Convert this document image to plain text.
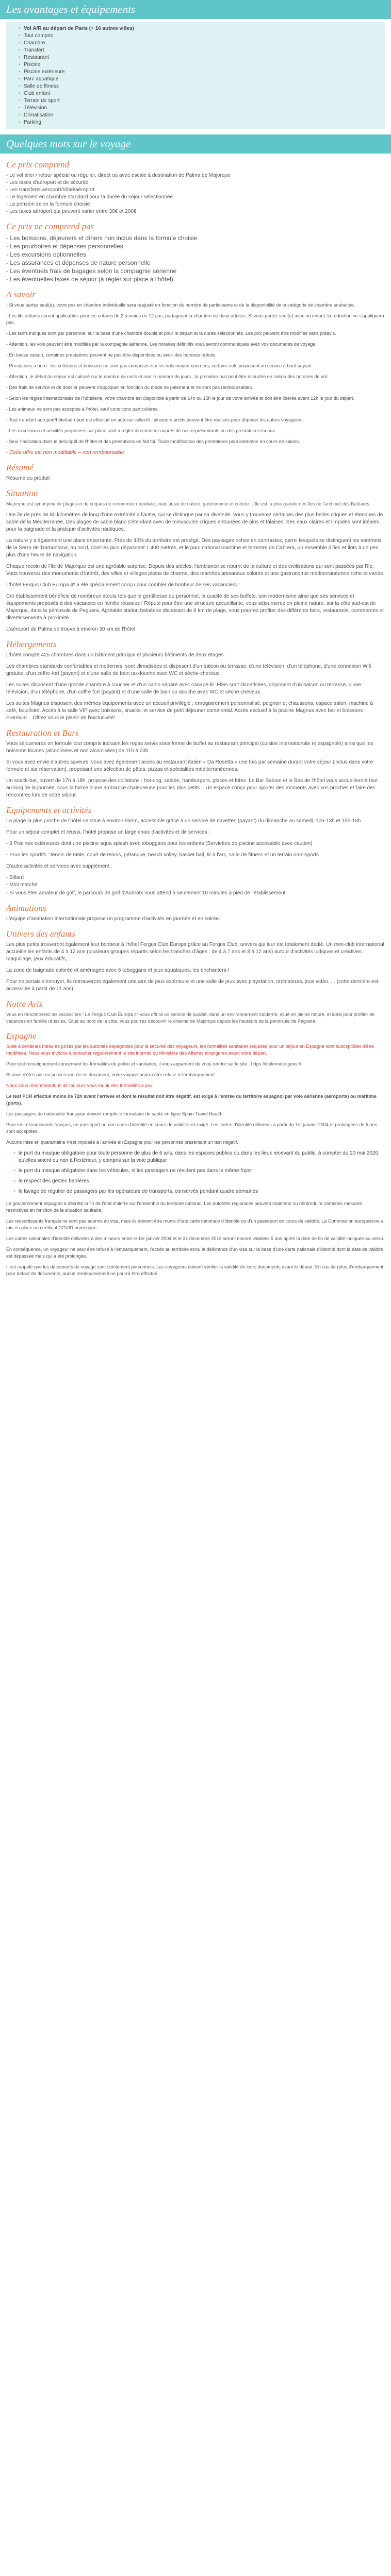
Les avantages et équipements
• Vol A/R au départ de Paris (+ 16 autres villes)
• Tout compris
• Chambre
• Transfert
• Restaurant
• Piscine
• Piscine extérieure
• Parc aquatique
• Salle de fitness
• Club enfant
• Terrain de sport
• Télévision
• Climatisation
• Parking
Quelques mots sur le voyage
Ce prix comprend

- Le vol aller / retour spécial ou régulier, direct ou avec escale à destination de Palma de Majorque

- Les taxes d'aéroport et de sécurité

- Les transferts aéroport/hôtel/aéroport

- Le logement en chambre standard pour la durée du séjour sélectionnée

- La pension selon la formule choisie

- Les taxes aéroport qui peuvent varier entre 30€ et 200€

Ce prix ne comprend pas

- Les boissons, déjeuners et dîners non inclus dans la formule choisie

- Les pourboires et dépenses personnelles

- Les excursions optionnelles

- Les assurances et dépenses de nature personnelle

- Les éventuels frais de bagages selon la compagnie aérienne

- Les éventuelles taxes de séjour (à régler sur place à l'hôtel)

A savoir

- Si vous partez seul(e), votre prix en chambre individuelle sera réajusté en fonction du nombre de participants et de la disponibilité de la catégorie de chambre souhaitée.

- Les lits enfants seront applicables pour les enfants de 2 à moins de 12 ans, partageant la chambre de deux adultes. Si vous partez seul(e) avec un enfant, la réduction ne s'appliquera pas.

- Les tarifs indiqués sont par personne, sur la base d'une chambre double et pour le départ et la durée sélectionnés. Les prix peuvent être modifiés sans préavis.

- Attention, les vols peuvent être modifiés par la compagnie aérienne. Les horaires définitifs vous seront communiqués avec vos documents de voyage.

- En basse saison, certaines prestations peuvent ne pas être disponibles ou avoir des horaires réduits.

- Prestations à bord : les collations et boissons ne sont pas comprises sur les vols moyen-courriers, certains vols proposent un service à bord payant.

- Attention, le début du séjour est calculé sur le nombre de nuits et non le nombre de jours ; la première nuit peut être écourtée en raison des horaires de vol.

- Des frais de service et de dossier peuvent s'appliquer en fonction du mode de paiement et ne sont pas remboursables.

- Selon les règles internationales de l'hôtellerie, votre chambre est disponible à partir de 14h ou 15h le jour de votre arrivée et doit être libérée avant 12h le jour du départ.

- Les animaux ne sont pas acceptés à l'hôtel, sauf conditions particulières.

- Tout transfert aéroport/hôtel/aéroport est effectué en autocar collectif ; plusieurs arrêts peuvent être réalisés pour déposer les autres voyageurs.

- Les excursions et activités proposées sur place sont à régler directement auprès de nos représentants ou des prestataires locaux.

- Seul l'indication dans le descriptif de l'hôtel et des prestations en fait foi. Toute modification des prestations peut intervenir en cours de saison.

- Cette offre est non modifiable – non remboursable

Résumé

Résumé du produit

Situation

Majorque est synonyme de plages et de criques de renommée mondiale, mais aussi de nature, gastronomie et culture. L'île est la plus grande des îles de l'archipel des Baléares.

Une île de près de 80 kilomètres de long d'une extrémité à l'autre, qui se distingue par sa diversité. Vous y trouverez certaines des plus belles criques et étendues de sable de la Méditerranée. Des plages de sable blanc s'étendant avec de minuscules criques entourées de pins et falaises. Ses eaux claires et limpides sont idéales pour la baignade et la pratique d'activités nautiques.

La nature y a également une place importante. Près de 40% du territoire est protégé. Des paysages riches en contrastes, parmi lesquels se distinguent les sommets de la Serra de Tramuntana, au nord, dont les pics dépassent 1 400 mètres, et le parc national maritime et terrestre de Cabrera, un ensemble d'îles et îlots à un peu plus d'une heure de navigation.

Chaque recoin de l'île de Majorque est une agréable surprise. Depuis des siècles, l'ambiance se nourrit de la culture et des civilisations qui sont passées par l'île. Vous trouverez des monuments d'intérêt, des villes et villages pleins de charme, des marchés artisanaux colorés et une gastronomie méditerranéenne riche et variée.

L'hôtel Fergus Club Europa 4* a été spécialement conçu pour combler de bonheur de ses vacanciers !

Cet établissement bénéficie de nombreux atouts tels que le gentillesse du personnel, la qualité de ses buffets, son modernisme ainsi que ses services et équipements proposés à des vacances en famille réussies ! Réputé pour être une structure accueillante, vous séjournerez en pleine nature, sur la côte sud-est de Majorque, dans la péninsule de Peguera. Agréable station balnéaire disposant de 8 km de plage, vous pourrez profiter des différents bars, restaurants, commerces et divertissements à proximité.

L'aéroport de Palma se trouve à environ 30 km de l'hôtel.

Hébergements

L'hôtel compte 425 chambres dans un bâtiment principal et plusieurs bâtiments de deux étages.

Les chambres standards confortables et modernes, sont climatisées et disposent d'un balcon ou terrasse, d'une télévision, d'un téléphone, d'une connexion Wifi gratuite, d'un coffre-fort (payant) et d'une salle de bain ou douche avec WC et sèche-cheveux.

Les suites disposent d'une grande chambre à coucher et d'un salon séparé avec canapé-lit. Elles sont climatisées, disposent d'un balcon ou terrasse, d'une télévision, d'un téléphone, d'un coffre fort (payant) et d'une salle de bain ou douche avec WC et sèche-cheveux.

Les suites Magnus disposent des mêmes équipements avec un accueil privilégié : enregistrement personnalisé, peignoir et chaussons, espace salon, machine à café, bouilloire. Accès à la salle VIP avec boissons, snacks, et service de petit déjeuner continental. Accès exclusif à la piscine Magnus avec bar et boissons Premium ...Offrez vous le plaisir de l'exclusivité!

Restauration et Bars

Vous séjournerez en formule tout compris incluant les repas servis sous forme de buffet au restaurant principal (cuisine internationale et espagnole) ainsi que les boissons locales (alcoolisées et non alcoolisées) de 11h à 23h.

Si vous avez envie d'autres saveurs, vous avez également accès au restaurant italien « Da Rosetta » une fois par semaine durant votre séjour (inclus dans votre formule et sur réservation), proposant une sélection de pâtes, pizzas et spécialités méditerranéennes.

Un snack-bar, ouvert de 17h à 18h, propose des collations : hot-dog, salade, hamburgers, glaces et frites. Le Bar Saloon et le Bas de l'hôtel vous accueilleront tout au long de la journée, sous la forme d'une ambiance chaleureuse pour les plus petits... Un espace conçu pour ajouter des moments avec vos proches et faire des rencontres lors de votre séjour.

Equipements et activités

La plage la plus proche de l'hôtel se situe à environ 950m, accessible grâce à un service de navettes (payant) du dimanche au samedi, 10h-13h et 15h-18h.

Pour un séjour complet et réussi, l'hôtel propose un large choix d'activités et de services :

- 3 Piscines extérieures dont une piscine aqua splash avec toboggans pour les enfants (Serviettes de piscine accessible avec caution)

- Pour les sportifs : tennis de table, court de tennis, pétanque, beach volley, basket ball, tir à l'arc, salle de fitness et un terrain omnisports

D'autre activités et services avec supplément :

- Billard

- Mini marché

- Si vous êtes amateur de golf, le parcours de golf d'Andratx vous attend à seulement 10 minutes à pied de l'établissement.

Animations

L'équipe d'animation internationale propose un programme d'activités en journée et en soirée.

Univers des enfants

Les plus petits trouveront également leur bonheur à l'hôtel Fergus Club Europa grâce au Fergus Club, univers qui leur est totalement dédié. Un mini-club international accueille les enfants de 4 à 12 ans (plusieurs groupes répartis selon les tranches d'âges : de 4 à 7 ans et 8 à 12 ans) autour d'activités ludiques et créatives : maquillage, jeux éducatifs,...

La zone de baignade colorée et aménagée avec 6 toboggans et jeux aquatiques, les enchantera !

Pour ne jamais s'ennuyer, ils retrouveront également une aire de jeux extérieure et une salle de jeux avec playstation, ordinateurs, jeux vidéo, ... (cette dernière est accessible à partir de 11 ans).

Notre Avis

Vous en rencontrerez les vacanciers ! Le Fergus Club Europa 4* vous offrira un service de qualité, dans un environnement moderne, situé en pleine nature, et idéal pour profiter de vacances en famille réussies. Situé au bord de la côte, vous pourrez découvrir le charme de Majorque depuis les hauteurs de la péninsule de Peguera.

Espagne

Suite à certaines mesures prises par les autorités espagnoles pour la sécurité des voyageurs, les formalités sanitaires requises pour un séjour en Espagne sont susceptibles d'être modifiées. Nous vous invitons à consulter régulièrement le site internet du Ministère des Affaires étrangères avant votre départ.

Pour tout renseignement concernant les formalités de police et sanitaires, il vous appartient de vous rendre sur le site : https://diplomatie.gouv.fr

Si vous n'êtes pas en possession de ce document, votre voyage pourra être refusé à l'embarquement.

Nous vous recommandons de toujours vous munir des formalités à jour.

Le test PCR effectué moins de 72h avant l'arrivée et dont le résultat doit être négatif, est exigé à l'entrée du territoire espagnol par voie aérienne (aéroports) ou maritime (ports).

Les passagers de nationalité française doivent remplir le formulaire de santé en ligne Spain Travel Health.

Pour les ressortissants français, un passeport ou une carte d'identité en cours de validité est exigé. Les cartes d'identité délivrées à partir du 1er janvier 2004 et prolongées de 5 ans sont acceptées.

Aucune mise en quarantaine n'est imposée à l'arrivée en Espagne pour les personnes présentant un test négatif.

• le port du masque obligatoire pour toute personne de plus de 6 ans, dans les espaces publics ou dans les lieux recevant du public, à compter du 20 mai 2020, qu'elles soient ou non à l'extérieur, y compris sur la voie publique
• le port du masque obligatoire dans les véhicules, si les passagers ne résident pas dans le même foyer
• le respect des gestes barrières
• le lavage de régulier de passagers par les opérateurs de transports, conservés pendant quatre semaines

Le gouvernement espagnol a décrété la fin de l'état d'alerte sur l'ensemble du territoire national. Les autorités régionales peuvent maintenir ou réintroduire certaines mesures restrictives en fonction de la situation sanitaire.

Les ressortissants français ne sont pas soumis au visa, mais ils doivent être munis d'une carte nationale d'identité ou d'un passeport en cours de validité. La Commission européenne a mis en place un certificat COVID numérique.

Les cartes nationales d'identité délivrées à des mineurs entre le 1er janvier 2004 et le 31 décembre 2013 seront encore valables 5 ans après la date de fin de validité indiquée au verso.

En conséquence, un voyageur ne peut être refusé à l'embarquement, l'accès au territoire et/ou la délivrance d'un visa sur la base d'une carte nationale d'identité dont la date de validité est dépassée mais qui a été prolongée.

Il est rappelé que les documents de voyage sont strictement personnels. Les voyageurs doivent vérifier la validité de leurs documents avant le départ. En cas de refus d'embarquement pour défaut de documents, aucun remboursement ne pourra être effectué.
